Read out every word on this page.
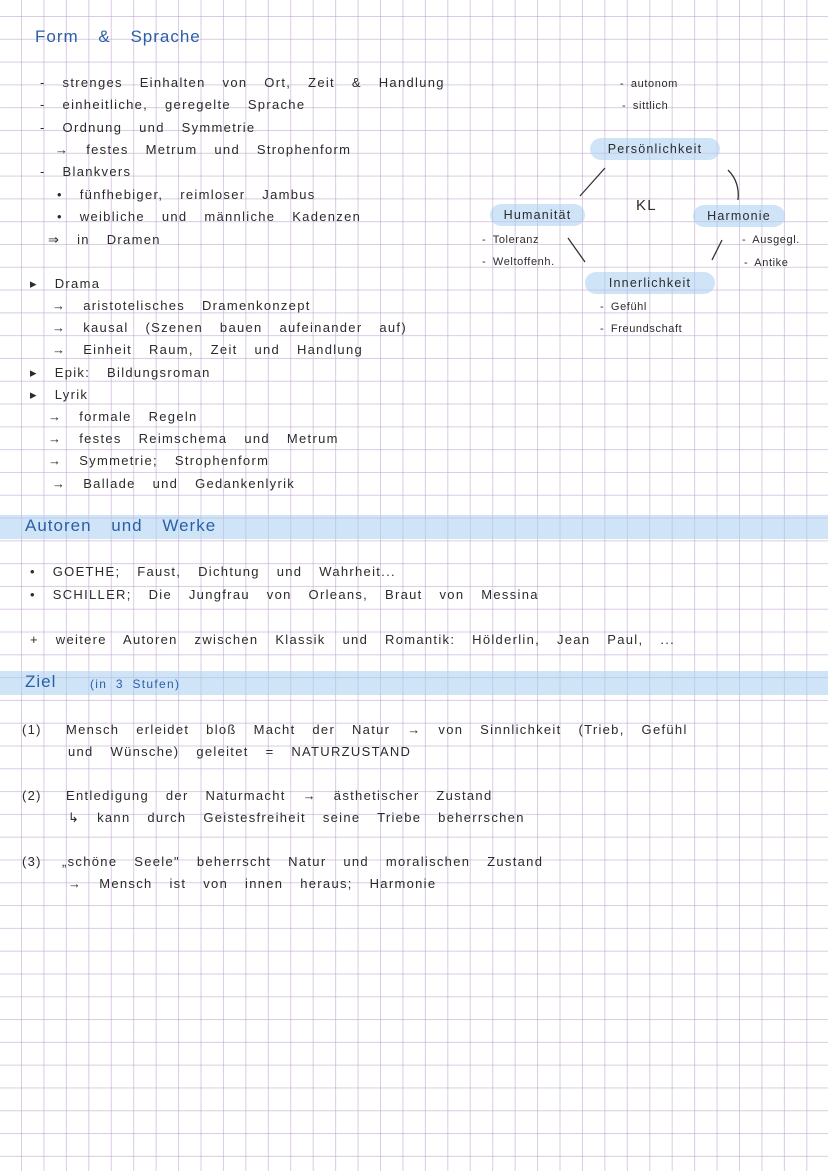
Form & Sprache
- strenges Einhalten von Ort, Zeit & Handlung
- einheitliche, geregelte Sprache
- Ordnung und Symmetrie
→ festes Metrum und Strophenform
- Blankvers
• fünfhebiger, reimloser Jambus
• weibliche und männliche Kadenzen
⇒ in Dramen
▸ Drama
→ aristotelisches Dramenkonzept
→ kausal (Szenen bauen aufeinander auf)
→ Einheit Raum, Zeit und Handlung
▸ Epik: Bildungsroman
▸ Lyrik
→ formale Regeln
→ festes Reimschema und Metrum
→ Symmetrie; Strophenform
→ Ballade und Gedankenlyrik
- autonom
- sittlich
Persönlichkeit
KL
Humanität	Harmonie
- Toleranz
- Weltoffenh.
- Ausgegl.
- Antike
Innerlichkeit
- Gefühl
- Freundschaft
Autoren und Werke
• GOETHE; Faust, Dichtung und Wahrheit...
• SCHILLER; Die Jungfrau von Orleans, Braut von Messina
+ weitere Autoren zwischen Klassik und Romantik: Hölderlin, Jean Paul, ...
Ziel	(in 3 Stufen)
(1) Mensch erleidet bloß Macht der Natur → von Sinnlichkeit (Trieb, Gefühl
und Wünsche) geleitet = NATURZUSTAND
(2) Entledigung der Naturmacht → ästhetischer Zustand
↳ kann durch Geistesfreiheit seine Triebe beherrschen
(3) „schöne Seele" beherrscht Natur und moralischen Zustand
→ Mensch ist von innen heraus; Harmonie
